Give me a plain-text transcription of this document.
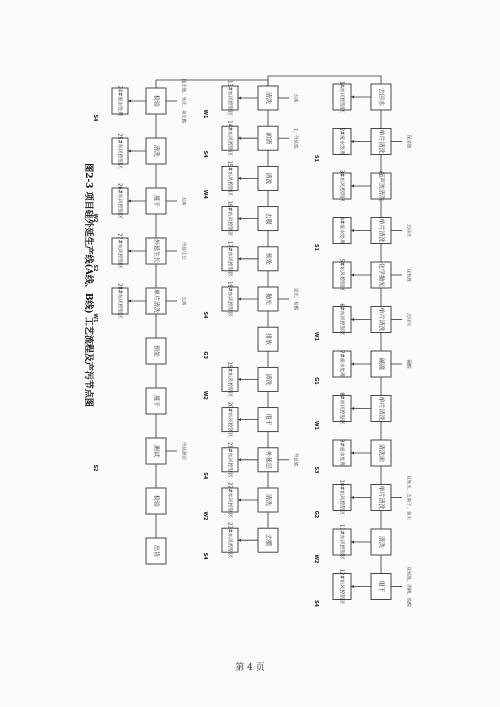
去回水
1A东风控制区
单片清洗
2#废水处理	保清液
S1
超声波清洗
3#东风控制区
单片清洗
4#废水处理	去回水
S1
化学抛光
5#东风控制区	双氧液
单片清洗
6#东风控制区	去回水
W1
碱腐
7#废水处理	碱酸
G1
单片清洗
8#东风控制区
W1
清洗前
9#废水处理
S3
单片清洗
10#东风控制区	双氧水、去离子、氨水
G2
清洗
11#东风控制区
W2
甩干
12#东风控制区	双氧液、酒精、盐酸
S4
清洗
13#东风控制区	去离
W1
前清
14#东风控制区	1、外延底
S4
清洗
15#东风控制区
W4
去膜
16#东风控制区
预处
17#东风控制区
抛光
18#东风控制区	氯化、盐酸
S4
排放
G3
清洗
19#东风控制区
W2
甩干
20#东风控制区
外延层
21#东风控制区	外延底
S4
清洗
22#东风控制区
W2
去膜
23#东风控制区
S4
检验
24#废水处理	抛光液、氧化、氢化酸
S4
清洗
25#东风控制区
甩干
26#东风控制区	去离
W2
外延生长
27#东风控制区	外延生长
S2
单片清洗
28#东风控制区	去离
W1
预处
甩干
测试	外延测试
S2
检验
出货
图2-3 项目硅外延生产线(A线、B线) 工艺流程及产污节点图
第 4 页
